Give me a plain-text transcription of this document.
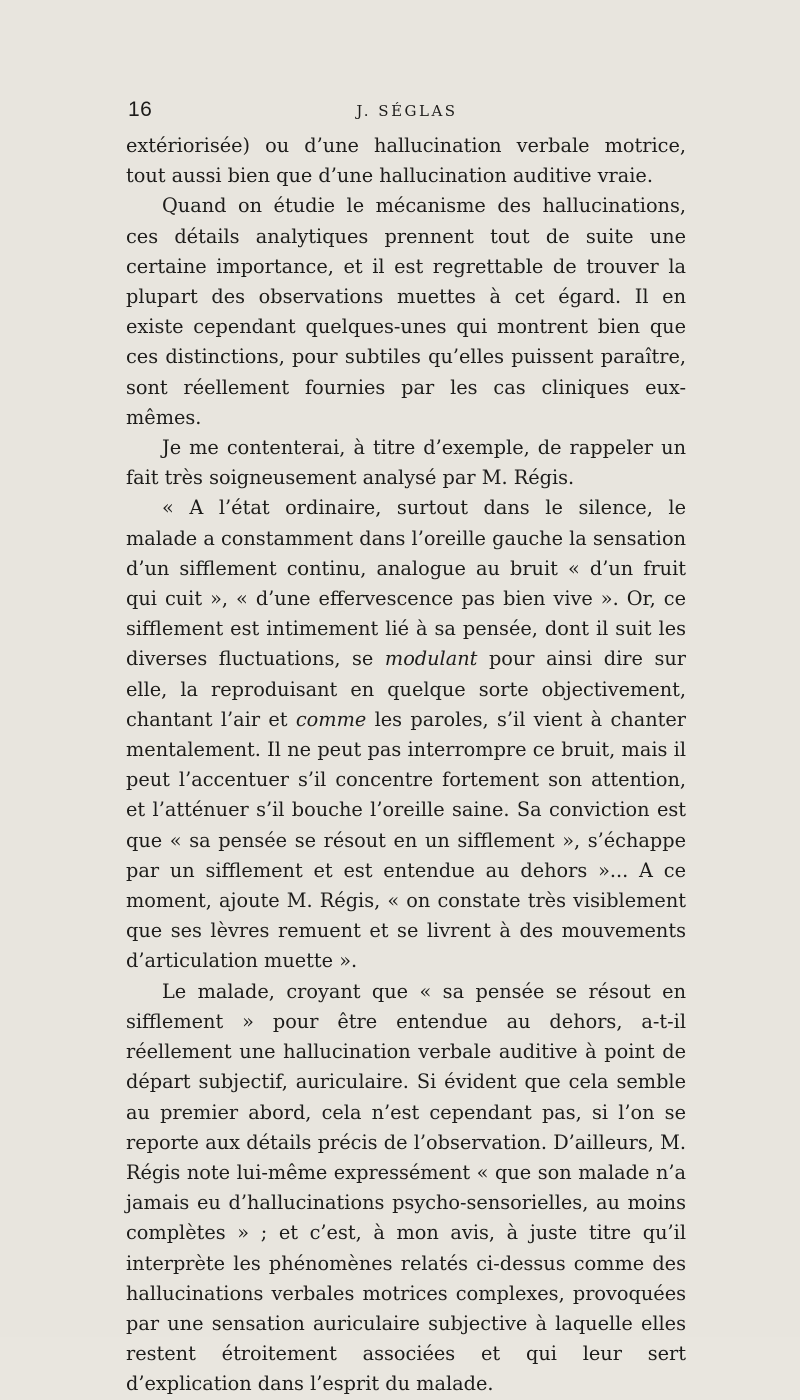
16	J. SÉGLAS

extériorisée) ou d’une hallucination verbale motrice, tout aussi bien que d’une hallucination auditive vraie.

Quand on étudie le mécanisme des hallucinations, ces détails analytiques prennent tout de suite une certaine importance, et il est regrettable de trouver la plupart des observations muettes à cet égard. Il en existe cependant quelques-unes qui montrent bien que ces distinctions, pour subtiles qu’elles puissent paraître, sont réellement fournies par les cas cliniques eux-mêmes.

Je me contenterai, à titre d’exemple, de rappeler un fait très soigneusement analysé par M. Régis.

« A l’état ordinaire, surtout dans le silence, le malade a constamment dans l’oreille gauche la sensation d’un sifflement continu, analogue au bruit « d’un fruit qui cuit », « d’une effervescence pas bien vive ». Or, ce sifflement est intimement lié à sa pensée, dont il suit les diverses fluctuations, se modulant pour ainsi dire sur elle, la reproduisant en quelque sorte objectivement, chantant l’air et comme les paroles, s’il vient à chanter mentalement. Il ne peut pas interrompre ce bruit, mais il peut l’accentuer s’il concentre fortement son attention, et l’atténuer s’il bouche l’oreille saine. Sa conviction est que « sa pensée se résout en un sifflement », s’échappe par un sifflement et est entendue au dehors »... A ce moment, ajoute M. Régis, « on constate très visiblement que ses lèvres remuent et se livrent à des mouvements d’articulation muette ».

Le malade, croyant que « sa pensée se résout en sifflement » pour être entendue au dehors, a-t-il réellement une hallucination verbale auditive à point de départ subjectif, auriculaire. Si évident que cela semble au premier abord, cela n’est cependant pas, si l’on se reporte aux détails précis de l’observation. D’ailleurs, M. Régis note lui-même expressément « que son malade n’a jamais eu d’hallucinations psycho-sensorielles, au moins complètes » ; et c’est, à mon avis, à juste titre qu’il interprète les phénomènes relatés ci-dessus comme des hallucinations verbales motrices complexes, provoquées par une sensation auriculaire subjective à laquelle elles restent étroitement associées et qui leur sert d’explication dans l’esprit du malade.
